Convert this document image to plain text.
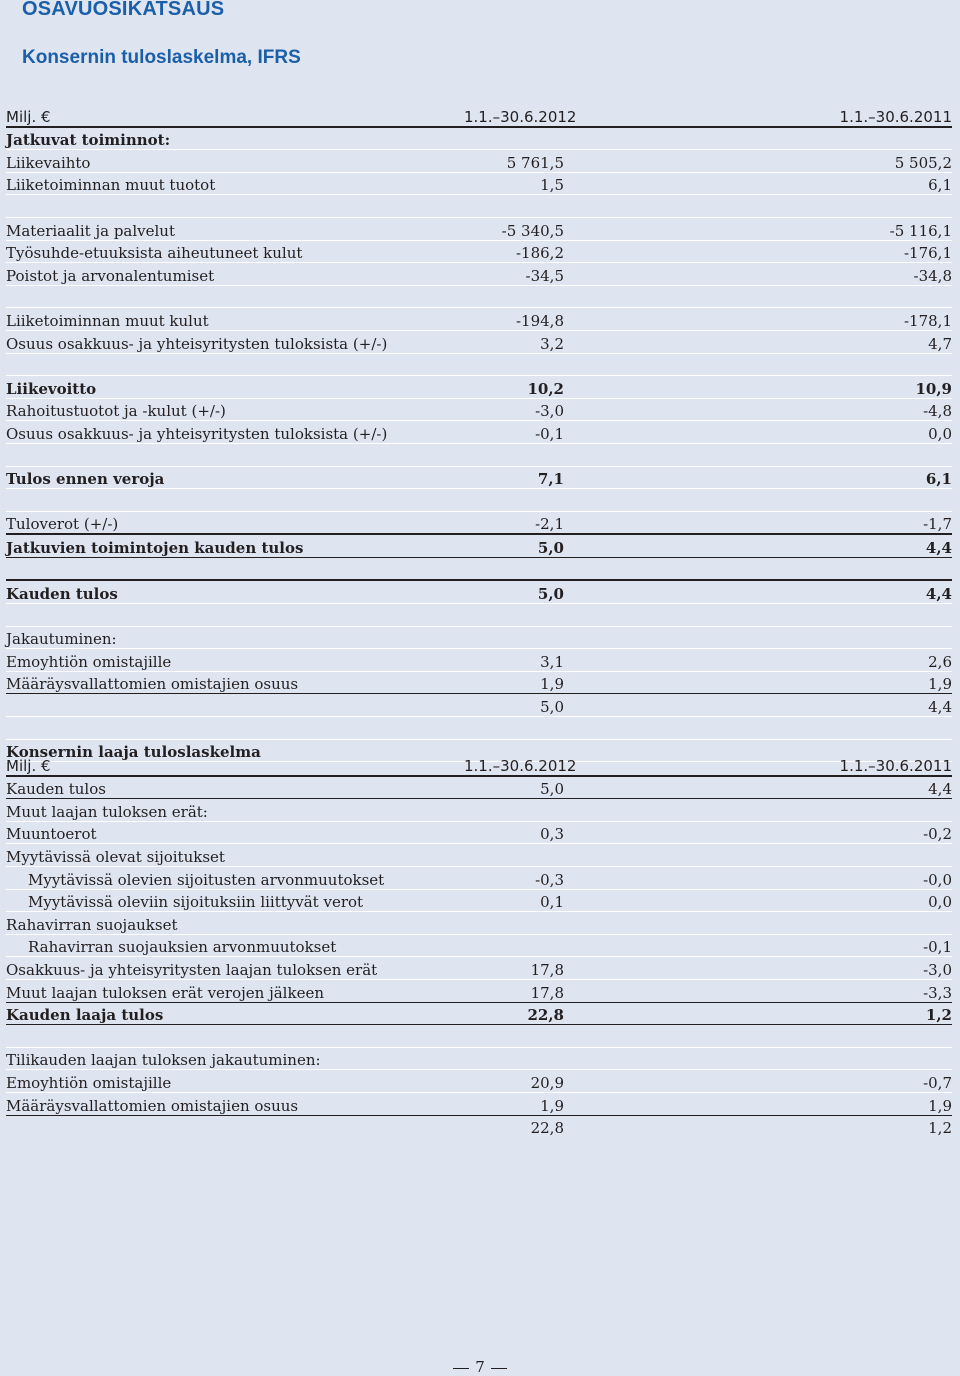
OSAVUOSIKATSAUS
Konsernin tuloslaskelma, IFRS
Milj. €	1.1.–30.6.2012	1.1.–30.6.2011
Jatkuvat toiminnot:		
Liikevaihto	5 761,5	5 505,2
Liiketoiminnan muut tuotot	1,5	6,1

Materiaalit ja palvelut	-5 340,5	-5 116,1
Työsuhde-etuuksista aiheutuneet kulut	-186,2	-176,1
Poistot ja arvonalentumiset	-34,5	-34,8

Liiketoiminnan muut kulut	-194,8	-178,1
Osuus osakkuus- ja yhteisyritysten tuloksista (+/-)	3,2	4,7

Liikevoitto	10,2	10,9
Rahoitustuotot ja -kulut (+/-)	-3,0	-4,8
Osuus osakkuus- ja yhteisyritysten tuloksista (+/-)	-0,1	0,0

Tulos ennen veroja	7,1	6,1

Tuloverot (+/-)	-2,1	-1,7
Jatkuvien toimintojen kauden tulos	5,0	4,4

Kauden tulos	5,0	4,4

Jakautuminen:		
Emoyhtiön omistajille	3,1	2,6
Määräysvallattomien omistajien osuus	1,9	1,9
	5,0	4,4

Konsernin laaja tuloslaskelma		

Milj. €	1.1.–30.6.2012	1.1.–30.6.2011
Kauden tulos	5,0	4,4
Muut laajan tuloksen erät:		
Muuntoerot	0,3	-0,2
Myytävissä olevat sijoitukset		
Myytävissä olevien sijoitusten arvonmuutokset	-0,3	-0,0
Myytävissä oleviin sijoituksiin liittyvät verot	0,1	0,0
Rahavirran suojaukset		
Rahavirran suojauksien arvonmuutokset		-0,1
Osakkuus- ja yhteisyritysten laajan tuloksen erät	17,8	-3,0
Muut laajan tuloksen erät verojen jälkeen	17,8	-3,3
Kauden laaja tulos	22,8	1,2

Tilikauden laajan tuloksen jakautuminen:		
Emoyhtiön omistajille	20,9	-0,7
Määräysvallattomien omistajien osuus	1,9	1,9
	22,8	1,2
7
